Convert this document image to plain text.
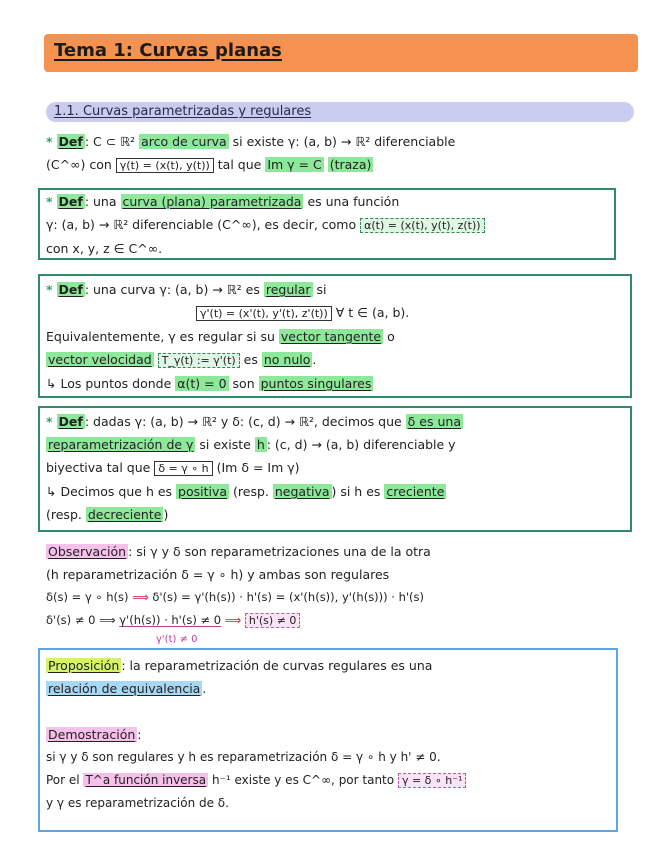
Tema 1: Curvas planas
1.1. Curvas parametrizadas y regulares
* Def : C ⊂ ℝ² arco de curva si existe γ: (a, b) → ℝ² diferenciable
(C^∞) con γ(t) = (x(t), y(t)) tal que Im γ = C (traza)
* Def : una curva (plana) parametrizada es una función
γ: (a, b) → ℝ² diferenciable (C^∞), es decir, como α(t) = (x(t), y(t), z(t))
con x, y, z ∈ C^∞.
* Def : una curva γ: (a, b) → ℝ² es regular si
γ'(t) = (x'(t), y'(t), z'(t)) ∀ t ∈ (a, b).
Equivalentemente, γ es regular si su vector tangente o
vector velocidad T_γ(t) := γ'(t) es no nulo .
↳ Los puntos donde α(t) = 0 son puntos singulares
* Def : dadas γ: (a, b) → ℝ² y δ: (c, d) → ℝ², decimos que δ es una
reparametrización de γ si existe h : (c, d) → (a, b) diferenciable y
biyectiva tal que δ = γ ∘ h (Im δ = Im γ)
↳ Decimos que h es positiva (resp. negativa ) si h es creciente
(resp. decreciente )
Observación : si γ y δ son reparametrizaciones una de la otra
(h reparametrización δ = γ ∘ h) y ambas son regulares
δ(s) = γ ∘ h(s) ⟹ δ'(s) = γ'(h(s)) · h'(s) = (x'(h(s)), y'(h(s))) · h'(s)
δ'(s) ≠ 0 ⟹ γ'(h(s)) · h'(s) ≠ 0 ⟹ h'(s) ≠ 0
γ'(t) ≠ 0
Proposición : la reparametrización de curvas regulares es una
relación de equivalencia .
Demostración :
si γ y δ son regulares y h es reparametrización δ = γ ∘ h y h' ≠ 0.
Por el T^a función inversa h⁻¹ existe y es C^∞, por tanto γ = δ ∘ h⁻¹
y γ es reparametrización de δ.
